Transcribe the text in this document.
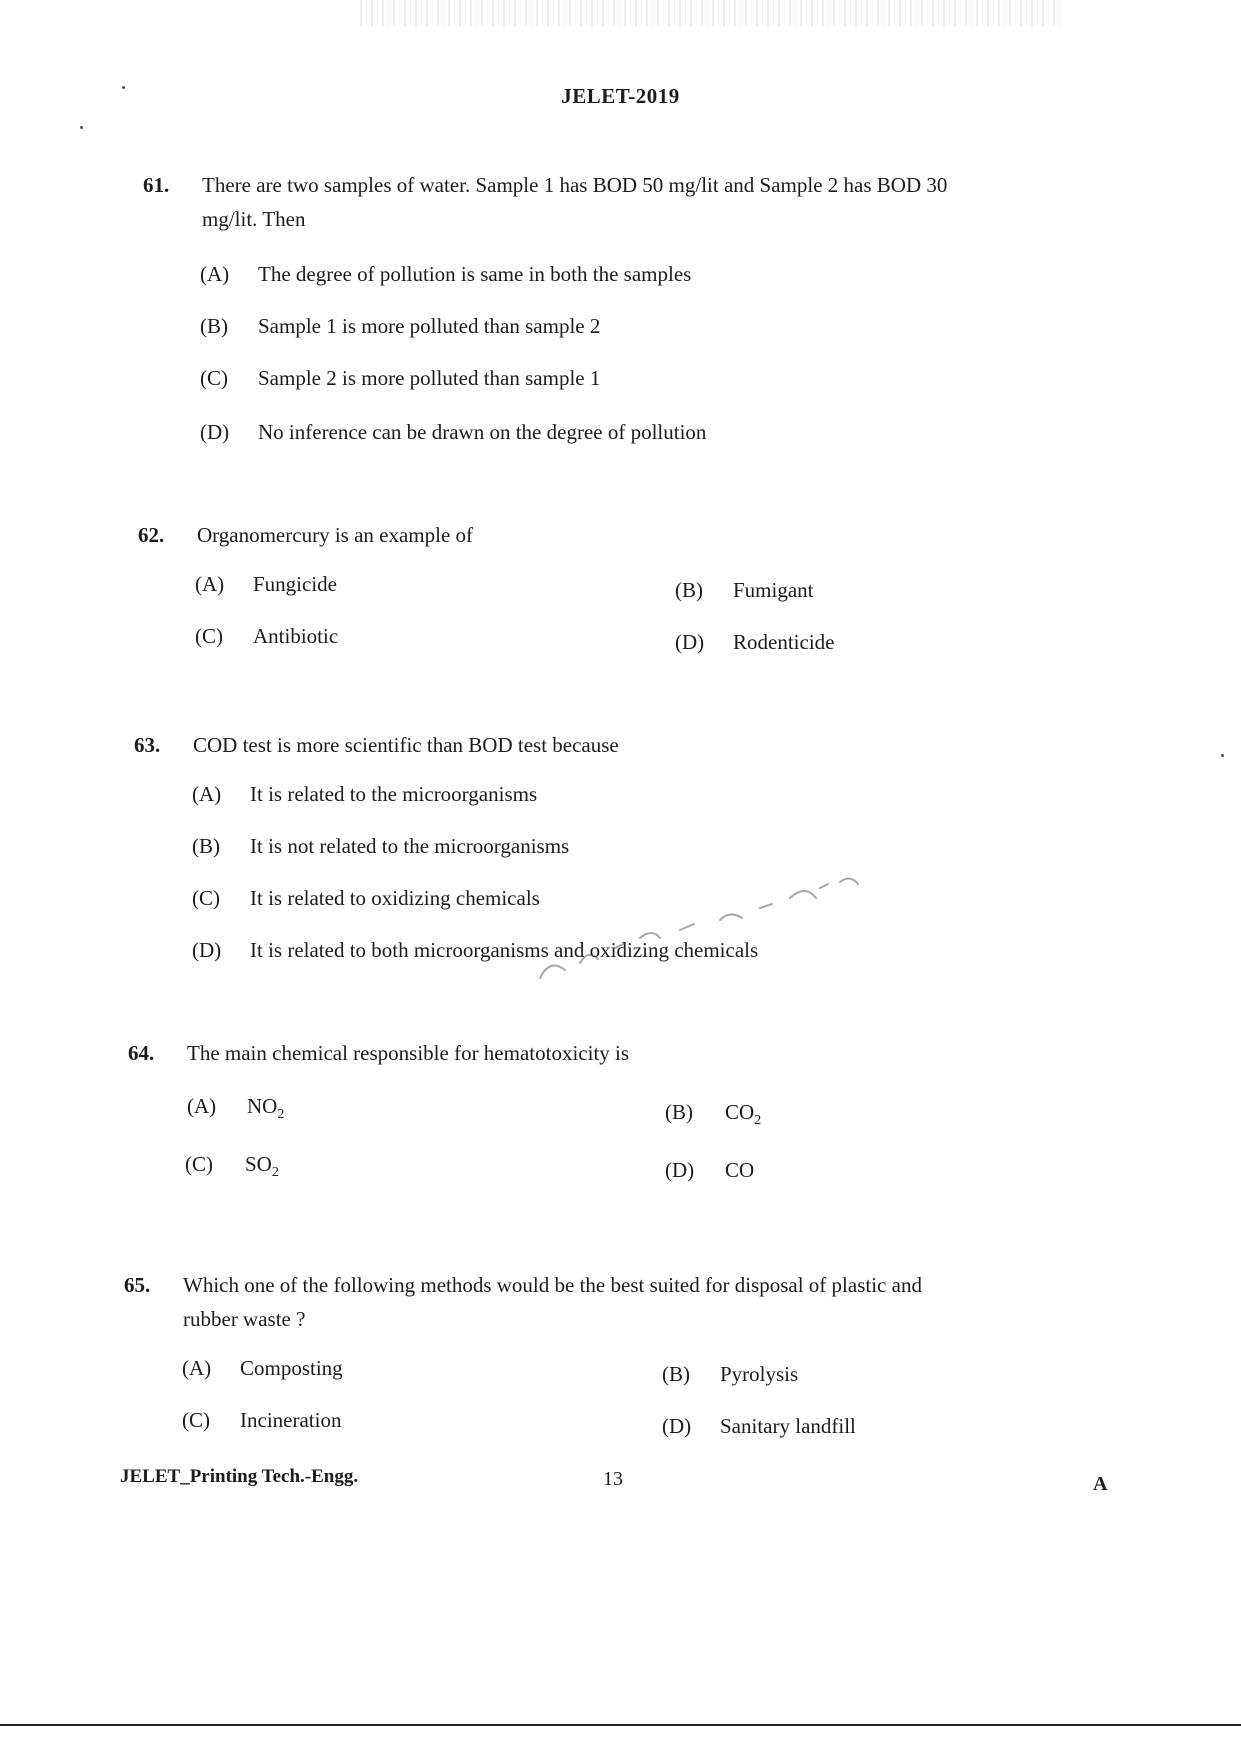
JELET-2019
61. There are two samples of water. Sample 1 has BOD 50 mg/lit and Sample 2 has BOD 30
mg/lit. Then
(A) The degree of pollution is same in both the samples
(B) Sample 1 is more polluted than sample 2
(C) Sample 2 is more polluted than sample 1
(D) No inference can be drawn on the degree of pollution
62. Organomercury is an example of
(A) Fungicide	(B) Fumigant
(C) Antibiotic	(D) Rodenticide
63. COD test is more scientific than BOD test because
(A) It is related to the microorganisms
(B) It is not related to the microorganisms
(C) It is related to oxidizing chemicals
(D) It is related to both microorganisms and oxidizing chemicals
64. The main chemical responsible for hematotoxicity is
(A) $NO_2$	(B) $CO_2$
(C) $SO_2$	(D) CO
65. Which one of the following methods would be the best suited for disposal of plastic and
rubber waste ?
(A) Composting	(B) Pyrolysis
(C) Incineration	(D) Sanitary landfill
JELET_Printing Tech.-Engg.	13	A
